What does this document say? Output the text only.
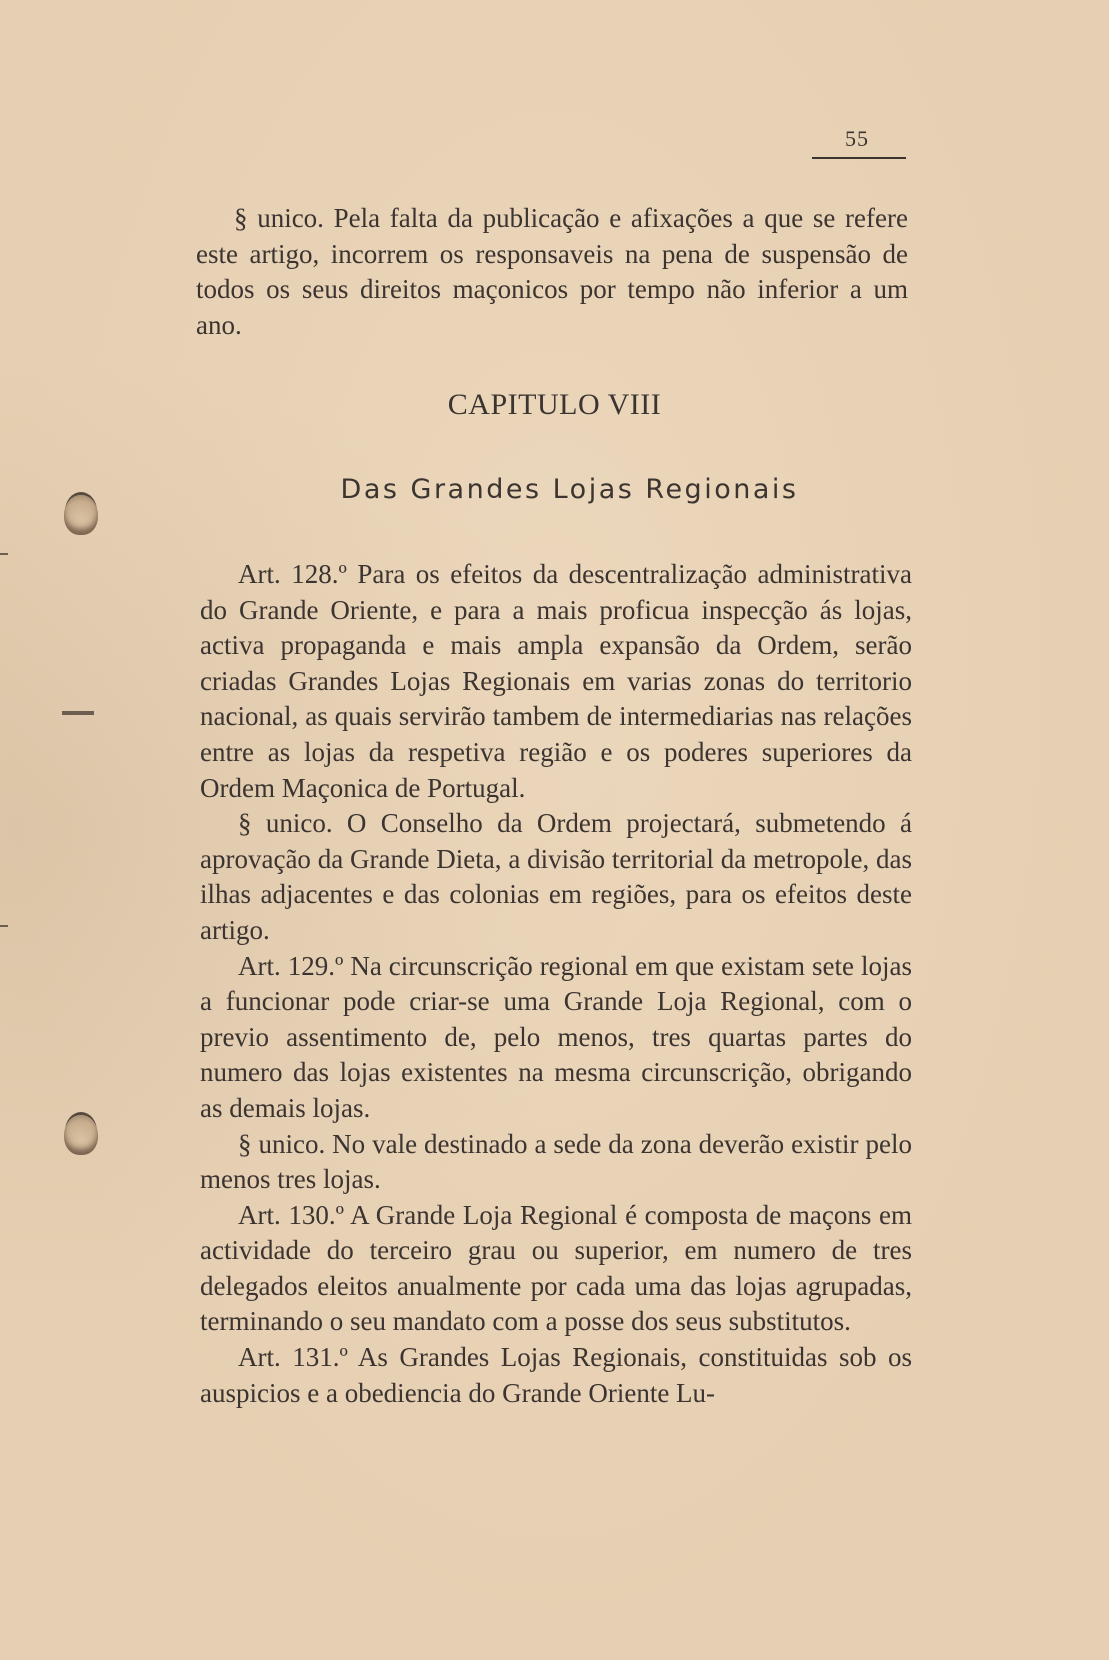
55

§ unico. Pela falta da publicação e afixações a que se refere este artigo, incorrem os responsaveis na pena de suspensão de todos os seus direitos maçonicos por tempo não inferior a um ano.

CAPITULO VIII
Das Grandes Lojas Regionais

Art. 128.º Para os efeitos da descentralização administrativa do Grande Oriente, e para a mais proficua inspecção ás lojas, activa propaganda e mais ampla expansão da Ordem, serão criadas Grandes Lojas Regionais em varias zonas do territorio nacional, as quais servirão tambem de intermediarias nas relações entre as lojas da respetiva região e os poderes superiores da Ordem Maçonica de Portugal.

§ unico. O Conselho da Ordem projectará, submetendo á aprovação da Grande Dieta, a divisão territorial da metropole, das ilhas adjacentes e das colonias em regiões, para os efeitos deste artigo.

Art. 129.º Na circunscrição regional em que existam sete lojas a funcionar pode criar-se uma Grande Loja Regional, com o previo assentimento de, pelo menos, tres quartas partes do numero das lojas existentes na mesma circunscrição, obrigando as demais lojas.

§ unico. No vale destinado a sede da zona deverão existir pelo menos tres lojas.

Art. 130.º A Grande Loja Regional é composta de maçons em actividade do terceiro grau ou superior, em numero de tres delegados eleitos anualmente por cada uma das lojas agrupadas, terminando o seu mandato com a posse dos seus substitutos.

Art. 131.º As Grandes Lojas Regionais, constituidas sob os auspicios e a obediencia do Grande Oriente Lu-
